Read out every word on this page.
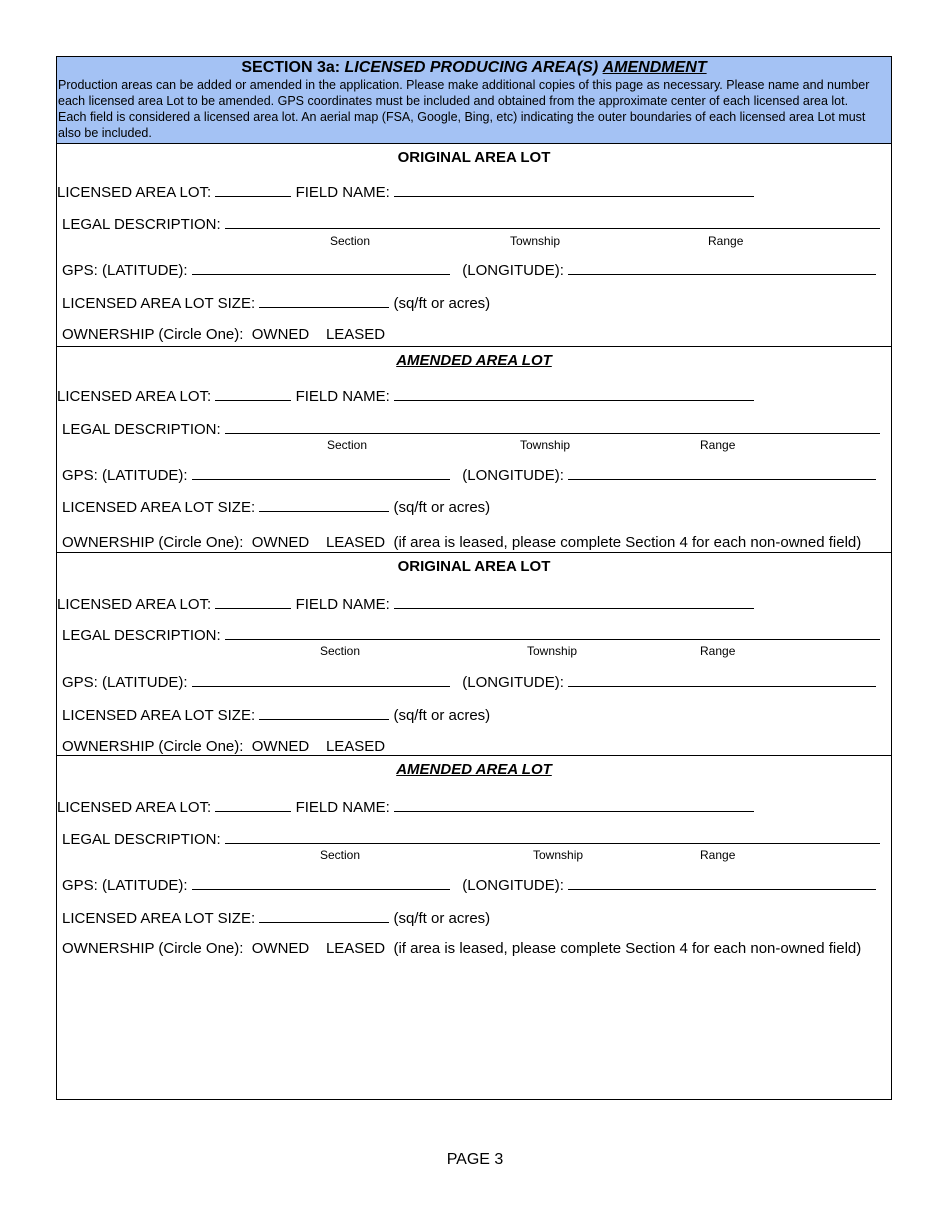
SECTION 3a: LICENSED PRODUCING AREA(S) AMENDMENT
Production areas can be added or amended in the application. Please make additional copies of this page as necessary. Please name and number each licensed area Lot to be amended. GPS coordinates must be included and obtained from the approximate center of each licensed area lot. Each field is considered a licensed area lot. An aerial map (FSA, Google, Bing, etc) indicating the outer boundaries of each licensed area Lot must also be included.
ORIGINAL AREA LOT
LICENSED AREA LOT:	FIELD NAME:
LEGAL DESCRIPTION:
Section	Township	Range
GPS: (LATITUDE):	(LONGITUDE):
LICENSED AREA LOT SIZE:	(sq/ft or acres)
OWNERSHIP (Circle One): OWNED LEASED
AMENDED AREA LOT
LICENSED AREA LOT:	FIELD NAME:
LEGAL DESCRIPTION:
Section	Township	Range
GPS: (LATITUDE):	(LONGITUDE):
LICENSED AREA LOT SIZE:	(sq/ft or acres)
OWNERSHIP (Circle One): OWNED LEASED (if area is leased, please complete Section 4 for each non-owned field)
ORIGINAL AREA LOT
LICENSED AREA LOT:	FIELD NAME:
LEGAL DESCRIPTION:
Section	Township	Range
GPS: (LATITUDE):	(LONGITUDE):
LICENSED AREA LOT SIZE:	(sq/ft or acres)
OWNERSHIP (Circle One): OWNED LEASED
AMENDED AREA LOT
LICENSED AREA LOT:	FIELD NAME:
LEGAL DESCRIPTION:
Section	Township	Range
GPS: (LATITUDE):	(LONGITUDE):
LICENSED AREA LOT SIZE:	(sq/ft or acres)
OWNERSHIP (Circle One): OWNED LEASED (if area is leased, please complete Section 4 for each non-owned field)
PAGE 3
